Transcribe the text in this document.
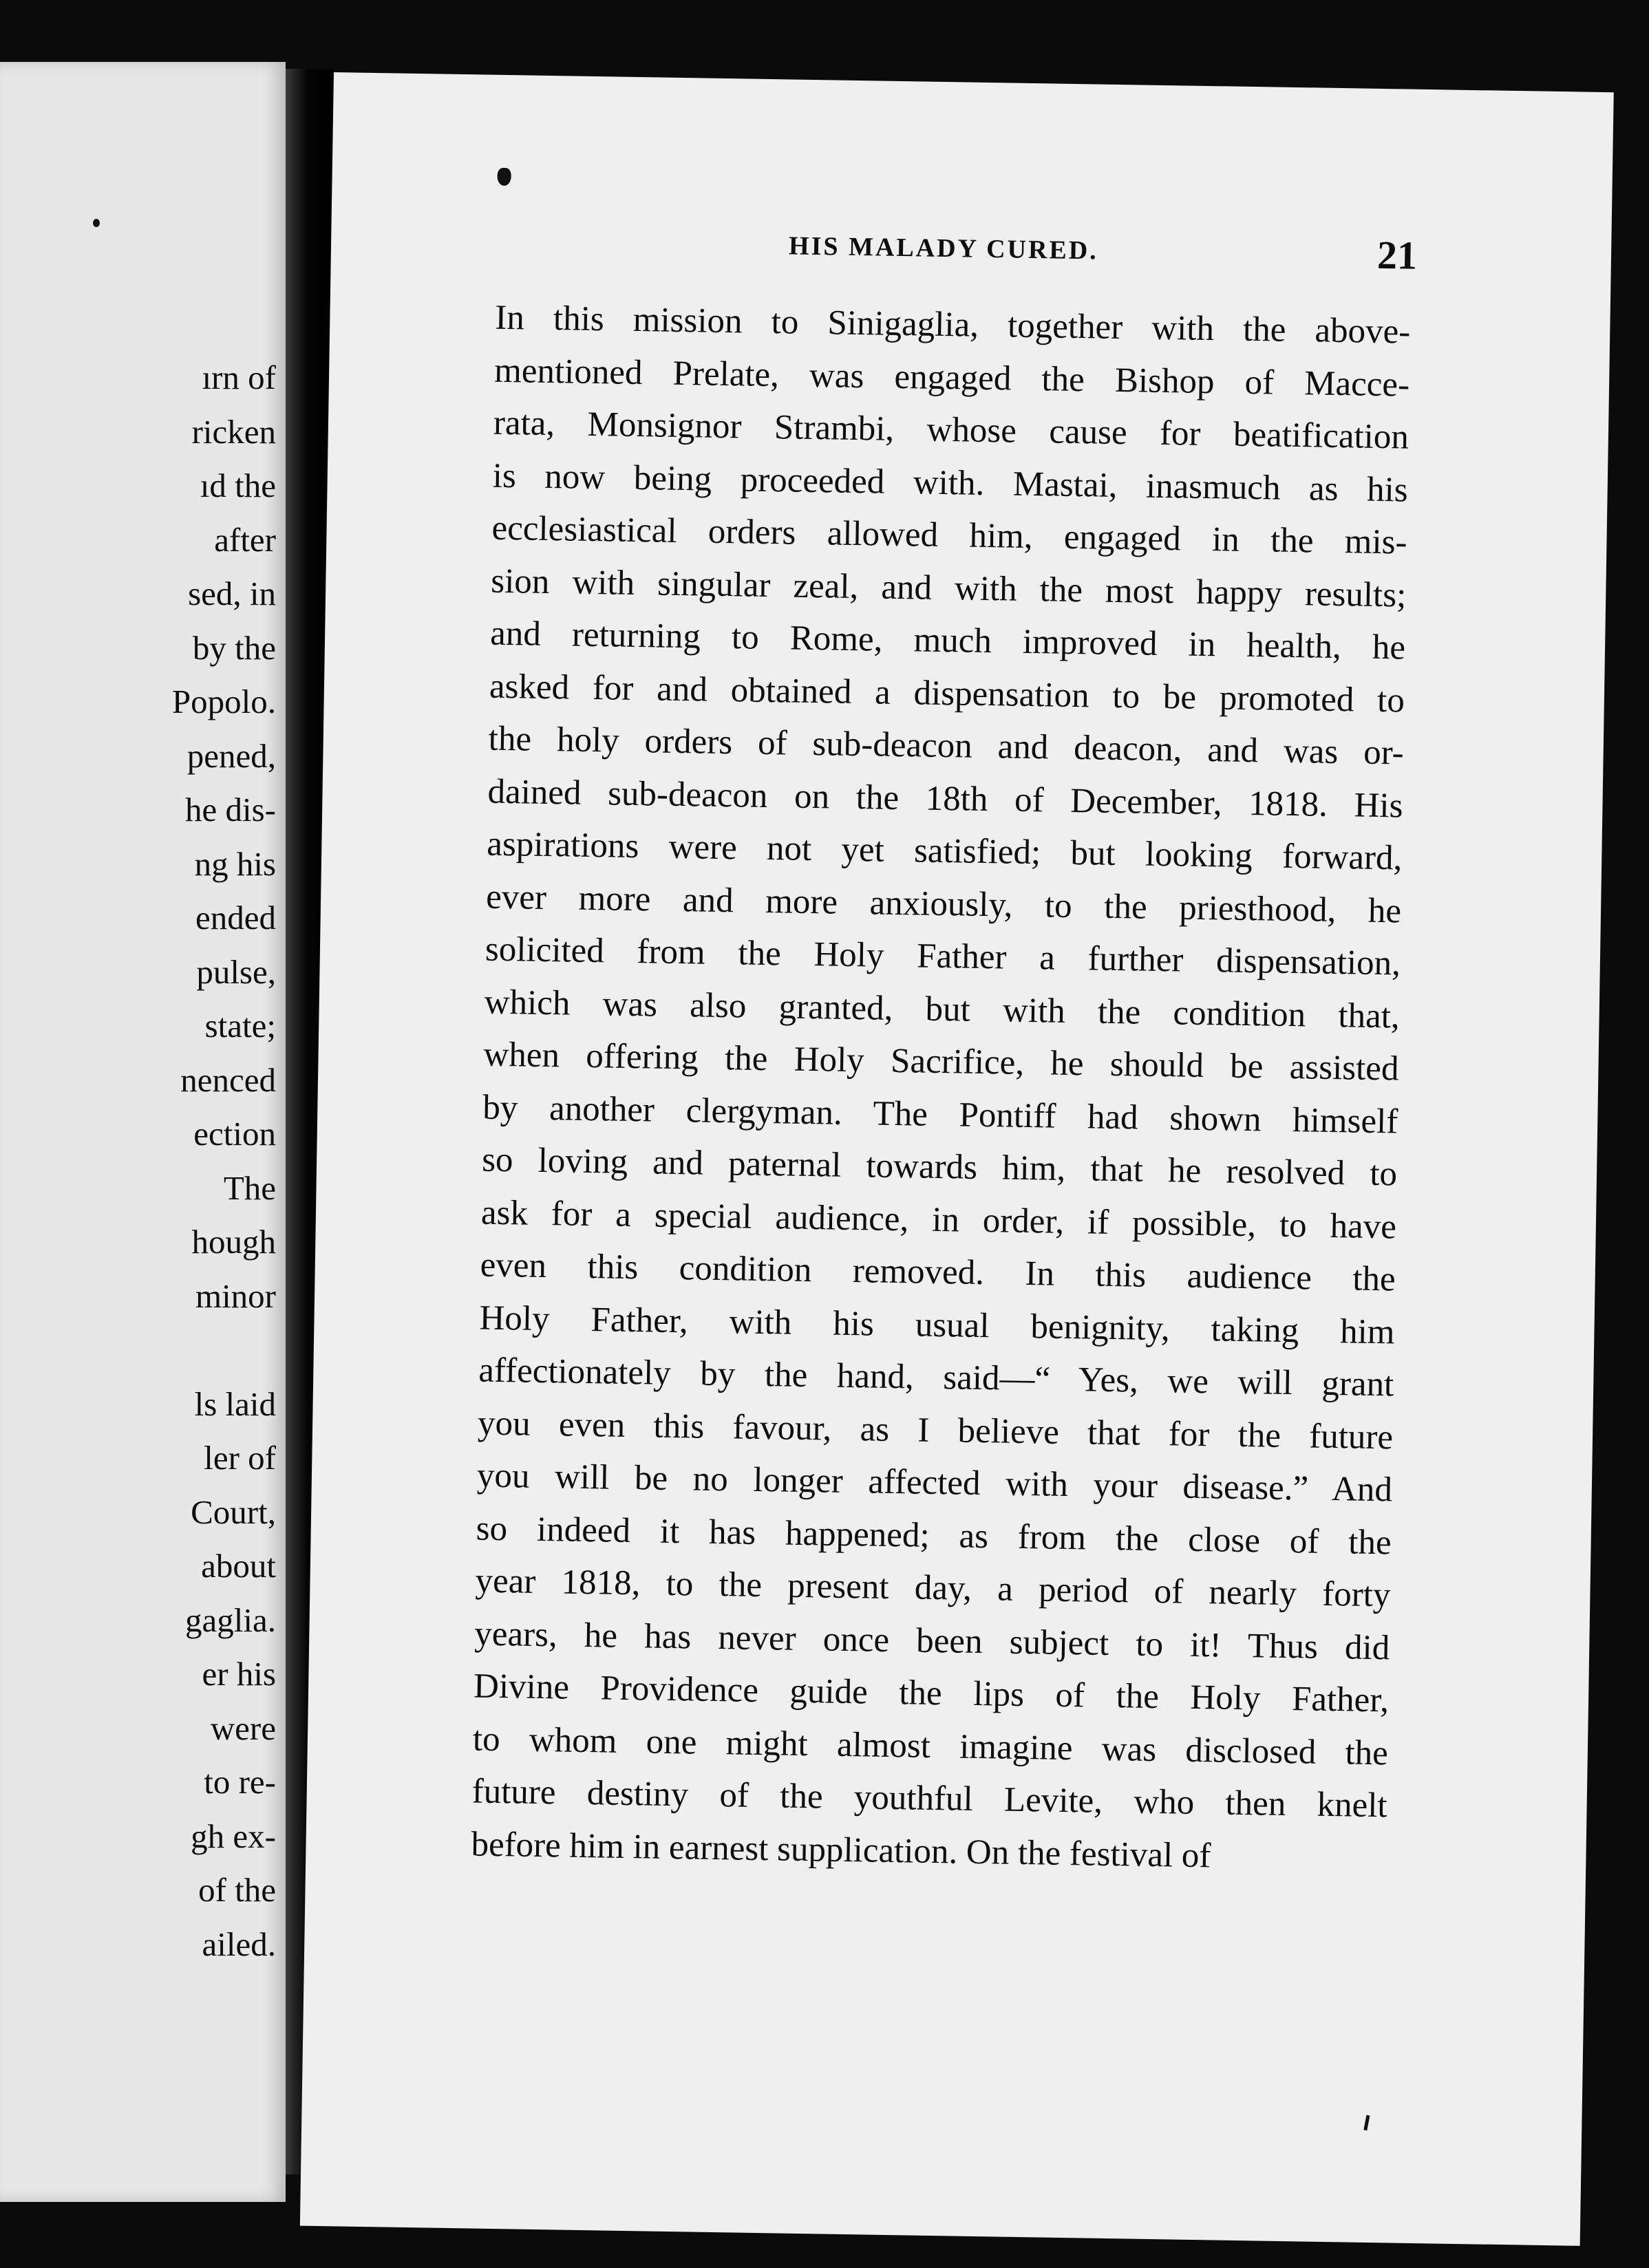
ırn of
ricken
ıd the
after
sed, in
by the
Popolo.
pened,
he dis-
ng his
ended
pulse,
state;
nenced
ection
The
hough
minor
ls laid
ler of
Court,
about
gaglia.
er his
were
to re-
gh ex-
of the
ailed.
HIS MALADY CURED.	21
In this mission to Sinigaglia, together with the above-
mentioned Prelate, was engaged the Bishop of Macce-
rata, Monsignor Strambi, whose cause for beatification
is now being proceeded with. Mastai, inasmuch as his
ecclesiastical orders allowed him, engaged in the mis-
sion with singular zeal, and with the most happy results;
and returning to Rome, much improved in health, he
asked for and obtained a dispensation to be promoted to
the holy orders of sub-deacon and deacon, and was or-
dained sub-deacon on the 18th of December, 1818. His
aspirations were not yet satisfied; but looking forward,
ever more and more anxiously, to the priesthood, he
solicited from the Holy Father a further dispensation,
which was also granted, but with the condition that,
when offering the Holy Sacrifice, he should be assisted
by another clergyman. The Pontiff had shown himself
so loving and paternal towards him, that he resolved to
ask for a special audience, in order, if possible, to have
even this condition removed. In this audience the
Holy Father, with his usual benignity, taking him
affectionately by the hand, said—“ Yes, we will grant
you even this favour, as I believe that for the future
you will be no longer affected with your disease.” And
so indeed it has happened; as from the close of the
year 1818, to the present day, a period of nearly forty
years, he has never once been subject to it! Thus did
Divine Providence guide the lips of the Holy Father,
to whom one might almost imagine was disclosed the
future destiny of the youthful Levite, who then knelt
before him in earnest supplication. On the festival of
